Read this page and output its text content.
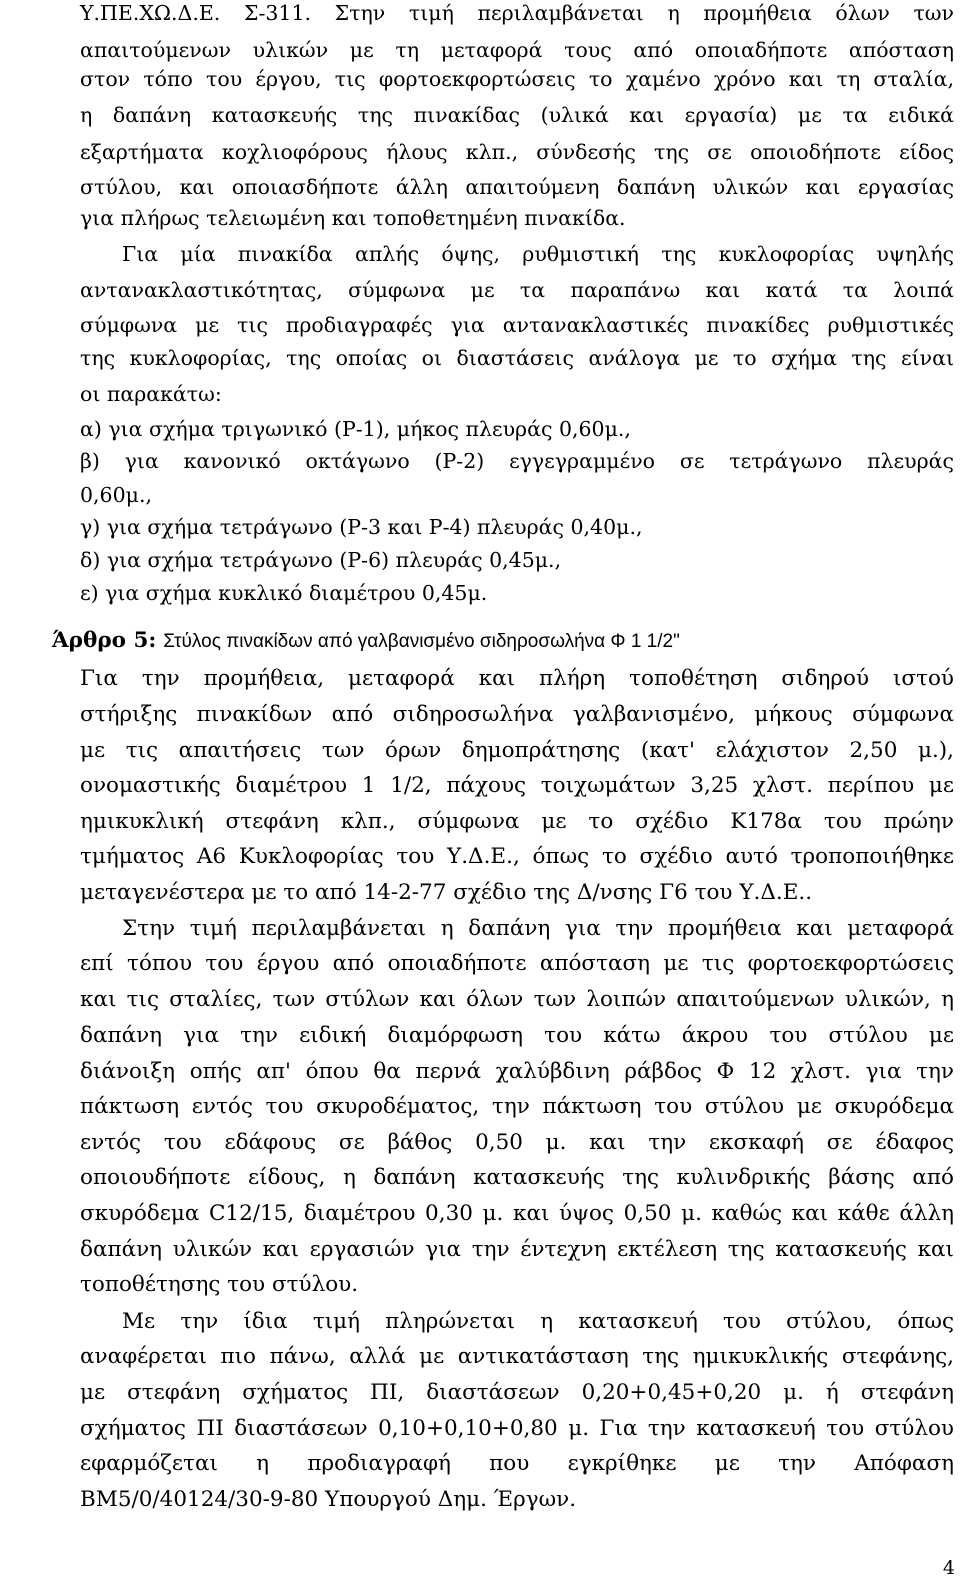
Υ.ΠΕ.ΧΩ.Δ.Ε. Σ-311. Στην τιμή περιλαμβάνεται η προμήθεια όλων των

απαιτούμενων υλικών με τη μεταφορά τους από οποιαδήποτε απόσταση

στον τόπο του έργου, τις φορτοεκφορτώσεις το χαμένο χρόνο και τη σταλία,

η δαπάνη κατασκευής της πινακίδας (υλικά και εργασία) με τα ειδικά

εξαρτήματα κοχλιοφόρους ήλους κλπ., σύνδεσής της σε οποιοδήποτε είδος

στύλου, και οποιασδήποτε άλλη απαιτούμενη δαπάνη υλικών και εργασίας

για πλήρως τελειωμένη και τοποθετημένη πινακίδα.

Για μία πινακίδα απλής όψης, ρυθμιστική της κυκλοφορίας υψηλής

αντανακλαστικότητας, σύμφωνα με τα παραπάνω και κατά τα λοιπά

σύμφωνα με τις προδιαγραφές για αντανακλαστικές πινακίδες ρυθμιστικές

της κυκλοφορίας, της οποίας οι διαστάσεις ανάλογα με το σχήμα της είναι

οι παρακάτω:

α) για σχήμα τριγωνικό (Ρ-1), μήκος πλευράς 0,60μ.,

β) για κανονικό οκτάγωνο (Ρ-2) εγγεγραμμένο σε τετράγωνο πλευράς

0,60μ.,

γ) για σχήμα τετράγωνο (Ρ-3 και Ρ-4) πλευράς 0,40μ.,

δ) για σχήμα τετράγωνο (Ρ-6) πλευράς 0,45μ.,

ε) για σχήμα κυκλικό διαμέτρου 0,45μ.

Άρθρο 5: Στύλος πινακίδων από γαλβανισμένο σιδηροσωλήνα Φ 1 1/2"

Για την προμήθεια, μεταφορά και πλήρη τοποθέτηση σιδηρού ιστού

στήριξης πινακίδων από σιδηροσωλήνα γαλβανισμένο, μήκους σύμφωνα

με τις απαιτήσεις των όρων δημοπράτησης (κατ' ελάχιστον 2,50 μ.),

ονομαστικής διαμέτρου 1 1/2, πάχους τοιχωμάτων 3,25 χλστ. περίπου με

ημικυκλική στεφάνη κλπ., σύμφωνα με το σχέδιο Κ178α του πρώην

τμήματος Α6 Κυκλοφορίας του Υ.Δ.Ε., όπως το σχέδιο αυτό τροποποιήθηκε

μεταγενέστερα με το από 14-2-77 σχέδιο της Δ/νσης Γ6 του Υ.Δ.Ε..

Στην τιμή περιλαμβάνεται η δαπάνη για την προμήθεια και μεταφορά

επί τόπου του έργου από οποιαδήποτε απόσταση με τις φορτοεκφορτώσεις

και τις σταλίες, των στύλων και όλων των λοιπών απαιτούμενων υλικών, η

δαπάνη για την ειδική διαμόρφωση του κάτω άκρου του στύλου με

διάνοιξη οπής απ' όπου θα περνά χαλύβδινη ράβδος Φ 12 χλστ. για την

πάκτωση εντός του σκυροδέματος, την πάκτωση του στύλου με σκυρόδεμα

εντός του εδάφους σε βάθος 0,50 μ. και την εκσκαφή σε έδαφος

οποιουδήποτε είδους, η δαπάνη κατασκευής της κυλινδρικής βάσης από

σκυρόδεμα C12/15, διαμέτρου 0,30 μ. και ύψος 0,50 μ. καθώς και κάθε άλλη

δαπάνη υλικών και εργασιών για την έντεχνη εκτέλεση της κατασκευής και

τοποθέτησης του στύλου.

Με την ίδια τιμή πληρώνεται η κατασκευή του στύλου, όπως

αναφέρεται πιο πάνω, αλλά με αντικατάσταση της ημικυκλικής στεφάνης,

με στεφάνη σχήματος ΠΙ, διαστάσεων 0,20+0,45+0,20 μ. ή στεφάνη

σχήματος ΠΙ διαστάσεων 0,10+0,10+0,80 μ. Για την κατασκευή του στύλου

εφαρμόζεται η προδιαγραφή που εγκρίθηκε με την Απόφαση

ΒΜ5/0/40124/30-9-80 Υπουργού Δημ. Έργων.

4
